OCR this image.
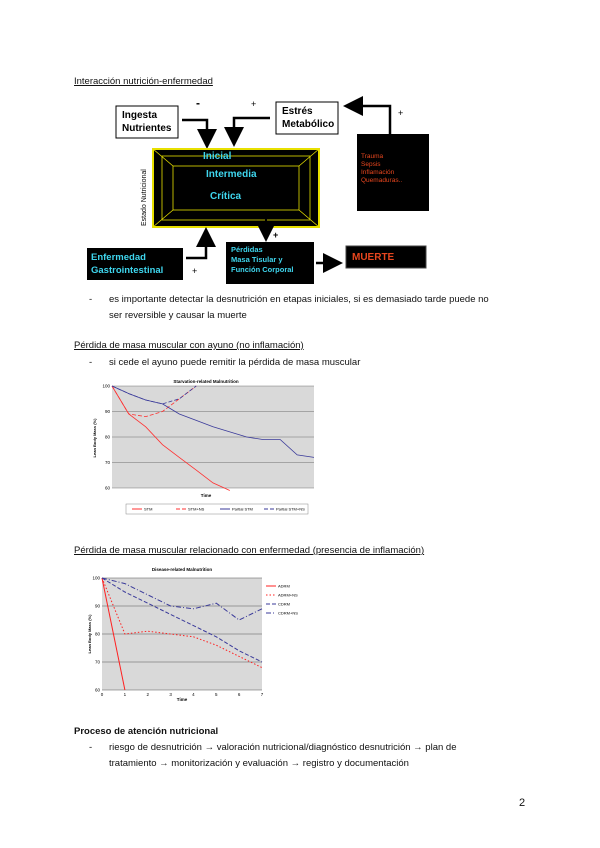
Interacción nutrición-enfermedad
Ingesta
Nutrientes
Estrés
Metabólico
-	+
+
+
+
Estado Nutricional
Inicial
Intermedia
Crítica
Trauma
Sepsis
Inflamación
Quemaduras..
Enfermedad
Gastrointestinal
Pérdidas
Masa Tisular y
Función Corporal
MUERTE
- es importante detectar la desnutrición en etapas iniciales, si es demasiado tarde puede no
ser reversible y causar la muerte
Pérdida de masa muscular con ayuno (no inflamación)
- si cede el ayuno puede remitir la pérdida de masa muscular
Starvation-related Malnutrition
Time
Lean Body Mass (%)
100
90
80
70
60
STM	STM+NS	Partial STM	Partial STM+NS
Pérdida de masa muscular relacionado con enfermedad (presencia de inflamación)
Disease-related Malnutrition
Time
Lean Body Mass (%)
100
90
80
70
60
0	1	2	3	4	5	6	7
ADRM
ADRM+NS
CDRM
CDRM+NS
Proceso de atención nutricional
- riesgo de desnutrición → valoración nutricional/diagnóstico desnutrición → plan de
tratamiento → monitorización y evaluación → registro y documentación
2
